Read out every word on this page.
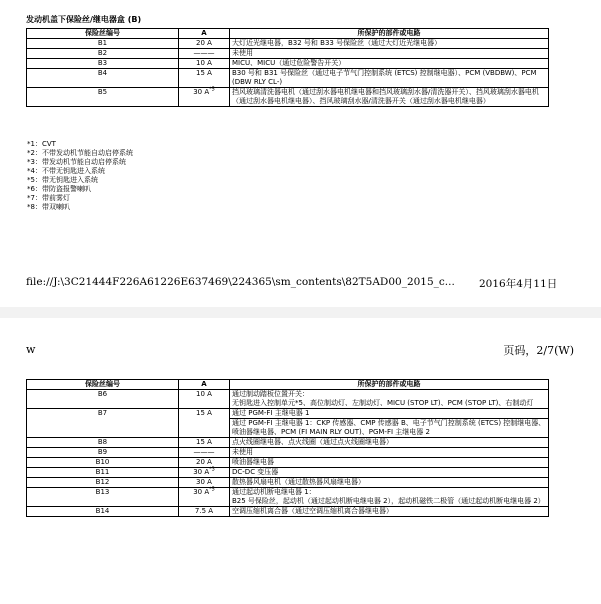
发动机盖下保险丝/继电器盒 (B)
保险丝编号	A	所保护的部件或电路
B1	20 A	大灯近光继电器，B32 号和 B33 号保险丝（通过大灯近光继电器）
B2	———	未使用
B3	10 A	MICU、MICU（通过危险警告开关）
B4	15 A	B30 号和 B31 号保险丝（通过电子节气门控制系统 (ETCS) 控制继电器）、PCM (VBDBW)、PCM (DBW RLY CL-)
B5	30 $A^{*5}$	挡风玻璃清洗器电机（通过刮水器电机继电器和挡风玻璃刮水器/清洗器开关）、挡风玻璃刮水器电机（通过刮水器电机继电器）、挡风玻璃刮水器/清洗器开关（通过刮水器电机继电器）
*1：CVT
*2：不带发动机节能自动启停系统
*3：带发动机节能自动启停系统
*4：不带无钥匙进入系统
*5：带无钥匙进入系统
*6：带防盗报警喇叭
*7：带前雾灯
*8：带双喇叭
file://J:\3C21444F226A61226E637469\224365\sm_contents\82T5AD00_2015_c... 2016年4月11日
w	页码，2/7(W)
保险丝编号	A	所保护的部件或电路
B6	10 A	通过制动踏板位置开关：
无钥匙进入控制单元*5、高位制动灯、左制动灯、MICU (STOP LT)、PCM (STOP LT)、右制动灯

B7	15 A	通过 PGM-FI 主继电器 1
通过 PGM-FI 主继电器 1：CKP 传感器、CMP 传感器 B、电子节气门控制系统 (ETCS) 控制继电器、喷油器继电器、PCM (FI MAIN RLY OUT)、PGM-FI 主继电器 2

B8	15 A	点火线圈继电器、点火线圈（通过点火线圈继电器）
B9	———	未使用
B10	20 A	喷油器继电器
B11	30 $A^{*3}$	DC-DC 变压器
B12	30 A	散热器风扇电机（通过散热器风扇继电器）
B13	30 $A^{*5}$	通过起动机断电继电器 1：
B25 号保险丝，起动机（通过起动机断电继电器 2），起动机磁铁二极管（通过起动机断电继电器 2）

B14	7.5 A	空调压缩机离合器（通过空调压缩机离合器继电器）
